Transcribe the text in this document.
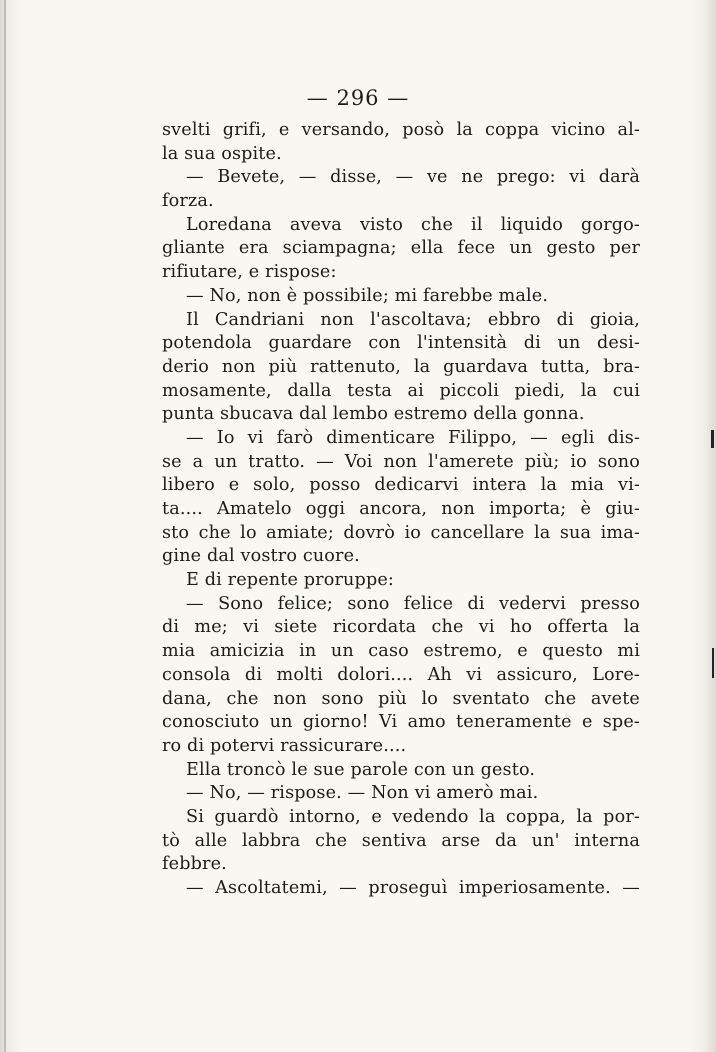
— 296 —
svelti grifi, e versando, posò la coppa vicino al-
la sua ospite.
— Bevete, — disse, — ve ne prego: vi darà
forza.
Loredana aveva visto che il liquido gorgo-
gliante era sciampagna; ella fece un gesto per
rifiutare, e rispose:
— No, non è possibile; mi farebbe male.
Il Candriani non l'ascoltava; ebbro di gioia,
potendola guardare con l'intensità di un desi-
derio non più rattenuto, la guardava tutta, bra-
mosamente, dalla testa ai piccoli piedi, la cui
punta sbucava dal lembo estremo della gonna.
— Io vi farò dimenticare Filippo, — egli dis-
se a un tratto. — Voi non l'amerete più; io sono
libero e solo, posso dedicarvi intera la mia vi-
ta.... Amatelo oggi ancora, non importa; è giu-
sto che lo amiate; dovrò io cancellare la sua ima-
gine dal vostro cuore.
E di repente proruppe:
— Sono felice; sono felice di vedervi presso
di me; vi siete ricordata che vi ho offerta la
mia amicizia in un caso estremo, e questo mi
consola di molti dolori.... Ah vi assicuro, Lore-
dana, che non sono più lo sventato che avete
conosciuto un giorno! Vi amo teneramente e spe-
ro di potervi rassicurare....
Ella troncò le sue parole con un gesto.
— No, — rispose. — Non vi amerò mai.
Si guardò intorno, e vedendo la coppa, la por-
tò alle labbra che sentiva arse da un' interna
febbre.
— Ascoltatemi, — proseguì imperiosamente. —
